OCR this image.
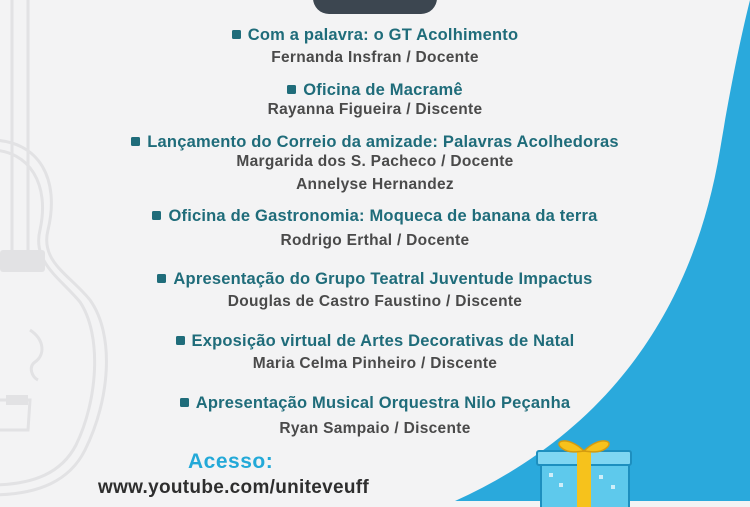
Com a palavra: o GT Acolhimento
Fernanda Insfran / Docente
Oficina de Macramê
Rayanna Figueira / Discente
Lançamento do Correio da amizade: Palavras Acolhedoras
Margarida dos S. Pacheco / Docente
Annelyse Hernandez
Oficina de Gastronomia: Moqueca de banana da terra
Rodrigo Erthal / Docente
Apresentação do Grupo Teatral Juventude Impactus
Douglas de Castro Faustino / Discente
Exposição virtual de Artes Decorativas de Natal
Maria Celma Pinheiro / Discente
Apresentação Musical Orquestra Nilo Peçanha
Ryan Sampaio / Discente
Acesso:
www.youtube.com/uniteveuff
